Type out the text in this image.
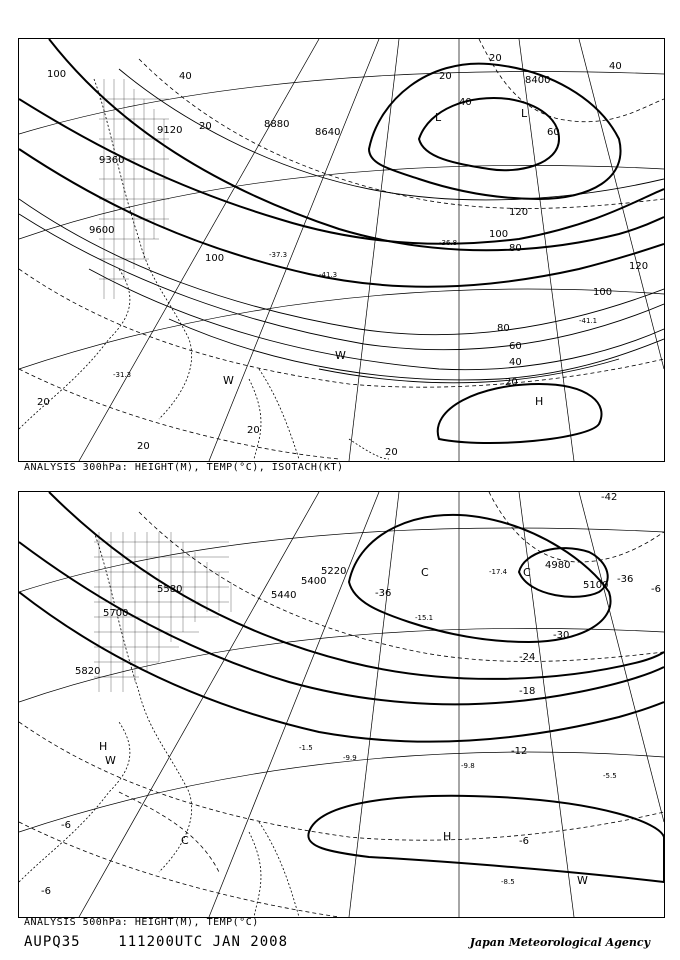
9120
8880
8640
8400
9360
9600
100	40
20
60
40
20
40
20
120
100
80
120
100
80
60
40
20
20
20
20
20
100
L	L
H
W
W
-41.3
-41.1
-31.3
-36.8
-37.3
ANALYSIS 300hPa: HEIGHT(M), TEMP(°C), ISOTACH(KT)
5700
5580
5820
5440
5400
4980
5100
5220
-42
-36
-30
-24
-18
-12
-6
-6
-6
-36	-6
C	C
H
W
C	H
W
-9.9
-9.8
-5.5
-8.5
-1.5
-15.1
-17.4
ANALYSIS 500hPa: HEIGHT(M), TEMP(°C)
AUPQ35	111200UTC JAN 2008	Japan Meteorological Agency
